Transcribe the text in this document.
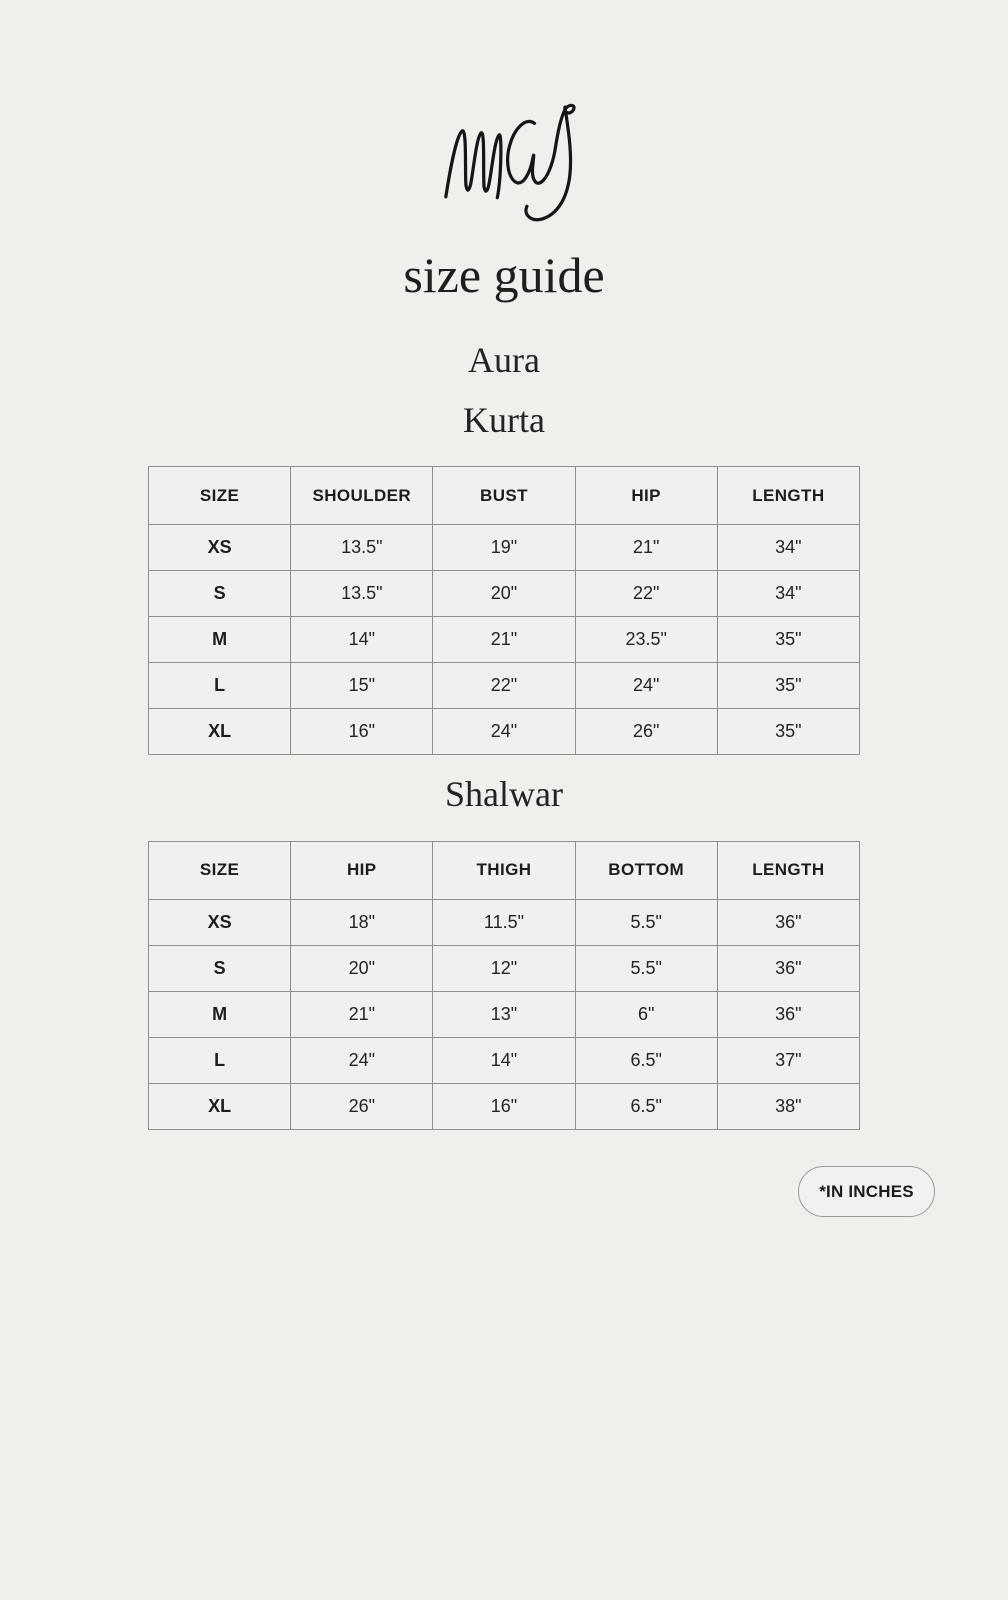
size guide
Aura
Kurta
SIZE	SHOULDER	BUST	HIP	LENGTH
XS	13.5"	19"	21"	34"
S	13.5"	20"	22"	34"
M	14"	21"	23.5"	35"
L	15"	22"	24"	35"
XL	16"	24"	26"	35"
Shalwar
SIZE	HIP	THIGH	BOTTOM	LENGTH
XS	18"	11.5"	5.5"	36"
S	20"	12"	5.5"	36"
M	21"	13"	6"	36"
L	24"	14"	6.5"	37"
XL	26"	16"	6.5"	38"
*IN INCHES
